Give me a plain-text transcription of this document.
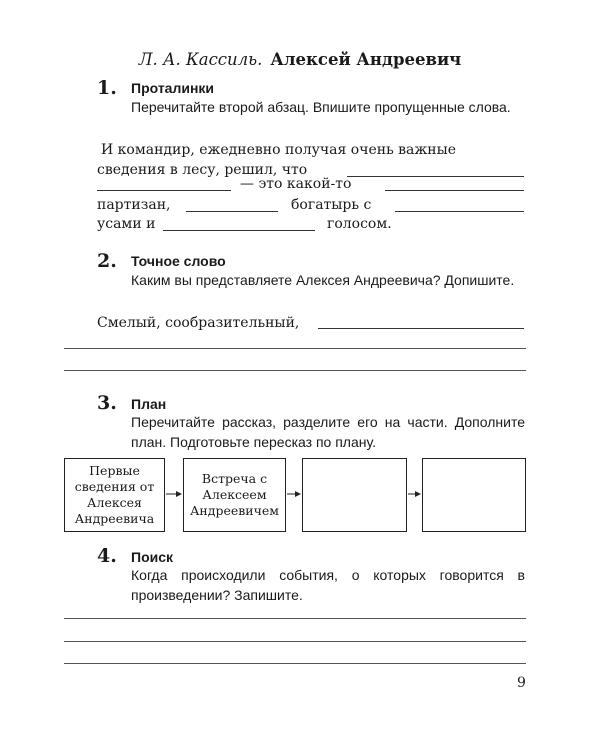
Л. А. Кассиль. Алексей Андреевич
1. Проталинки
Перечитайте второй абзац. Впишите пропущенные слова.
И командир, ежедневно получая очень важные
сведения в лесу, решил, что
— это какой-то
партизан,	богатырь с
усами и	голосом.
2. Точное слово
Каким вы представляете Алексея Андреевича? Допишите.
Смелый, сообразительный,
3. План
Перечитайте рассказ, разделите его на части. Дополните план. Подготовьте пересказ по плану.
Первые сведения от Алексея Андреевича
Встреча с Алексеем Андреевичем
4. Поиск
Когда происходили события, о которых говорится в произведении? Запишите.
9
